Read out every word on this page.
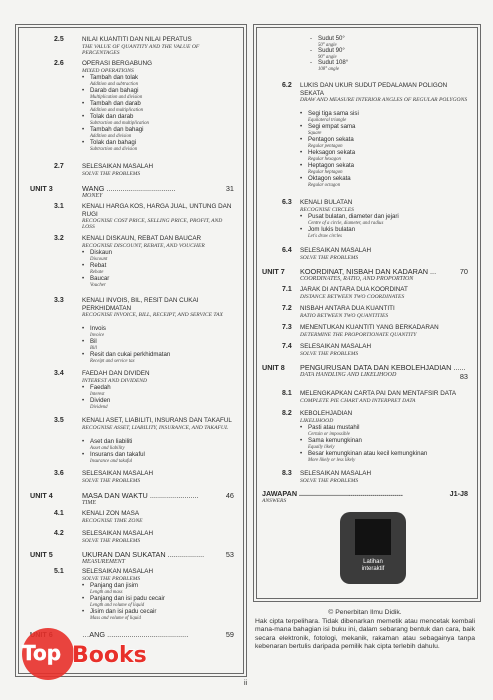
2.5	NILAI KUANTITI DAN NILAI PERATUS
THE VALUE OF QUANTITY AND THE VALUE OF PERCENTAGES
2.6	OPERASI BERGABUNG
MIXED OPERATIONS
• Tambah dan tolak
Addition and subtraction
• Darab dan bahagi
Multiplication and division
• Tambah dan darab
Addition and multiplication
• Tolak dan darab
Subtraction and multiplication
• Tambah dan bahagi
Addition and division
• Tolak dan bahagi
Subtraction and division
2.7	SELESAIKAN MASALAH
SOLVE THE PROBLEMS
UNIT 3	WANG ..................................	31
MONEY
3.1	KENALI HARGA KOS, HARGA JUAL, UNTUNG DAN RUGI
RECOGNISE COST PRICE, SELLING PRICE, PROFIT, AND LOSS
3.2	KENALI DISKAUN, REBAT DAN BAUCAR
RECOGNISE DISCOUNT, REBATE, AND VOUCHER
• Diskaun
Discount
• Rebat
Rebate
• Baucar
Voucher
3.3	KENALI INVOIS, BIL, RESIT DAN CUKAI PERKHIDMATAN
RECOGNISE INVOICE, BILL, RECEIPT, AND SERVICE TAX
• Invois
Invoice
• Bil
Bill
• Resit dan cukai perkhidmatan
Receipt and service tax
3.4	FAEDAH DAN DIVIDEN
INTEREST AND DIVIDEND
• Faedah
Interest
• Dividen
Dividend
3.5	KENALI ASET, LIABILITI, INSURANS DAN TAKAFUL
RECOGNISE ASSET, LIABILITY, INSURANCE, AND TAKAFUL
• Aset dan liabiliti
Asset and liability
• Insurans dan takaful
Insurance and takaful
3.6	SELESAIKAN MASALAH
SOLVE THE PROBLEMS
UNIT 4	MASA DAN WAKTU ........................	46
TIME
4.1	KENALI ZON MASA
RECOGNISE TIME ZONE
4.2	SELESAIKAN MASALAH
SOLVE THE PROBLEMS
UNIT 5	UKURAN DAN SUKATAN ..................	53
MEASUREMENT
5.1	SELESAIKAN MASALAH
SOLVE THE PROBLEMS
• Panjang dan jisim
Length and mass
• Panjang dan isi padu cecair
Length and volume of liquid
• Jisim dan isi padu cecair
Mass and volume of liquid
…ANG ........................................	59
- Sudut 50°
50° angle
- Sudut 90°
90° angle
- Sudut 108°
108° angle
6.2 LUKIS DAN UKUR SUDUT PEDALAMAN POLIGON SEKATA
DRAW AND MEASURE INTERIOR ANGLES OF REGULAR POLYGONS
• Segi tiga sama sisi
Equilateral triangle
• Segi empat sama
Square
• Pentagon sekata
Regular pentagon
• Heksagon sekata
Regular hexagon
• Heptagon sekata
Regular heptagon
• Oktagon sekata
Regular octagon
6.3 KENALI BULATAN
RECOGNISE CIRCLES
• Pusat bulatan, diameter dan jejari
Centre of a circle, diameter, and radius
• Jom lukis bulatan
Let's draw circles
6.4 SELESAIKAN MASALAH
SOLVE THE PROBLEMS
UNIT 7 KOORDINAT, NISBAH DAN KADARAN ...	70
COORDINATES, RATIO, AND PROPORTION
7.1 JARAK DI ANTARA DUA KOORDINAT
DISTANCE BETWEEN TWO COORDINATES
7.2 NISBAH ANTARA DUA KUANTITI
RATIO BETWEEN TWO QUANTITIES
7.3 MENENTUKAN KUANTITI YANG BERKADARAN
DETERMINE THE PROPORTIONATE QUANTITY
7.4 SELESAIKAN MASALAH
SOLVE THE PROBLEMS
UNIT 8 PENGURUSAN DATA DAN KEBOLEHJADIAN ......
83
DATA HANDLING AND LIKELIHOOD
8.1 MELENGKAPKAN CARTA PAI DAN MENTAFSIR DATA
COMPLETE PIE CHART AND INTERPRET DATA
8.2 KEBOLEHJADIAN
LIKELIHOOD
• Pasti atau mustahil
Certain or impossible
• Sama kemungkinan
Equally likely
• Besar kemungkinan atau kecil kemungkinan
More likely or less likely
8.3 SELESAIKAN MASALAH
SOLVE THE PROBLEMS
JAWAPAN ....................................................	J1-J8
ANSWERS
Latihan
interaktif
© Penerbitan Ilmu Didik.
Hak cipta terpelihara. Tidak dibenarkan memetik atau mencetak kembali mana-mana bahagian isi buku ini, dalam sebarang bentuk dan cara, baik secara elektronik, fotologi, mekanik, rakaman atau sebagainya tanpa kebenaran bertulis daripada pemilik hak cipta terlebih dahulu.
Top Books
ii
